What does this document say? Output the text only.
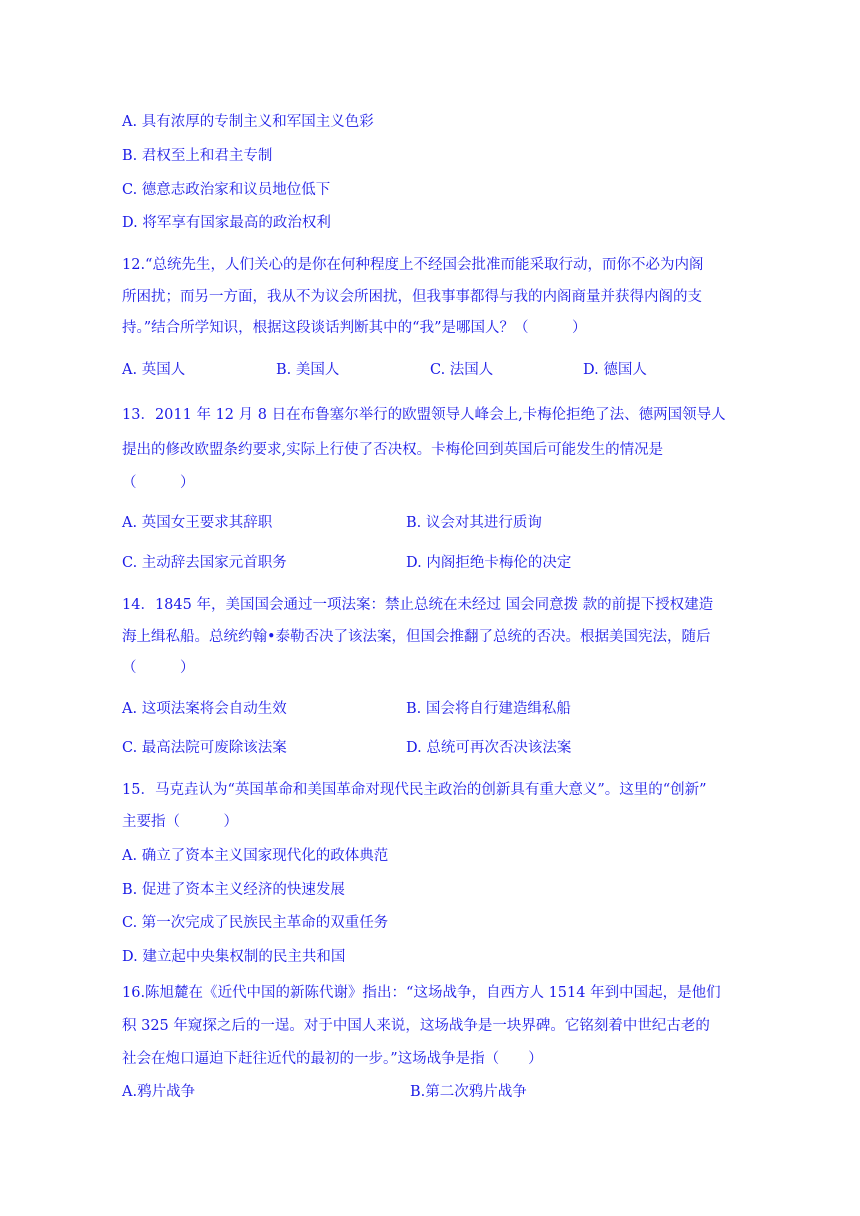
A. 具有浓厚的专制主义和军国主义色彩
B. 君权至上和君主专制
C. 德意志政治家和议员地位低下
D. 将军享有国家最高的政治权利
12.“总统先生，人们关心的是你在何种程度上不经国会批准而能采取行动，而你不必为内阁
所困扰；而另一方面，我从不为议会所困扰，但我事事都得与我的内阁商量并获得内阁的支
持。”结合所学知识，根据这段谈话判断其中的“我”是哪国人？（　　　）
A. 英国人	B. 美国人	C. 法国人	D. 德国人
13．2011 年 12 月 8 日在布鲁塞尔举行的欧盟领导人峰会上,卡梅伦拒绝了法、德两国领导人
提出的修改欧盟条约要求,实际上行使了否决权。卡梅伦回到英国后可能发生的情况是
（　　　）
A. 英国女王要求其辞职	B. 议会对其进行质询
C. 主动辞去国家元首职务	D. 内阁拒绝卡梅伦的决定
14．1845 年，美国国会通过一项法案：禁止总统在未经过 国会同意拨 款的前提下授权建造
海上缉私船。总统约翰•泰勒否决了该法案，但国会推翻了总统的否决。根据美国宪法，随后
（　　　）
A. 这项法案将会自动生效	B. 国会将自行建造缉私船
C. 最高法院可废除该法案	D. 总统可再次否决该法案
15．马克垚认为“英国革命和美国革命对现代民主政治的创新具有重大意义”。这里的“创新”
主要指（　　　）
A. 确立了资本主义国家现代化的政体典范
B. 促进了资本主义经济的快速发展
C. 第一次完成了民族民主革命的双重任务
D. 建立起中央集权制的民主共和国
16.陈旭麓在《近代中国的新陈代谢》指出：“这场战争，自西方人 1514 年到中国起，是他们
积 325 年窥探之后的一逞。对于中国人来说，这场战争是一块界碑。它铭刻着中世纪古老的
社会在炮口逼迫下赶往近代的最初的一步。”这场战争是指（　　）
A.鸦片战争	B.第二次鸦片战争
